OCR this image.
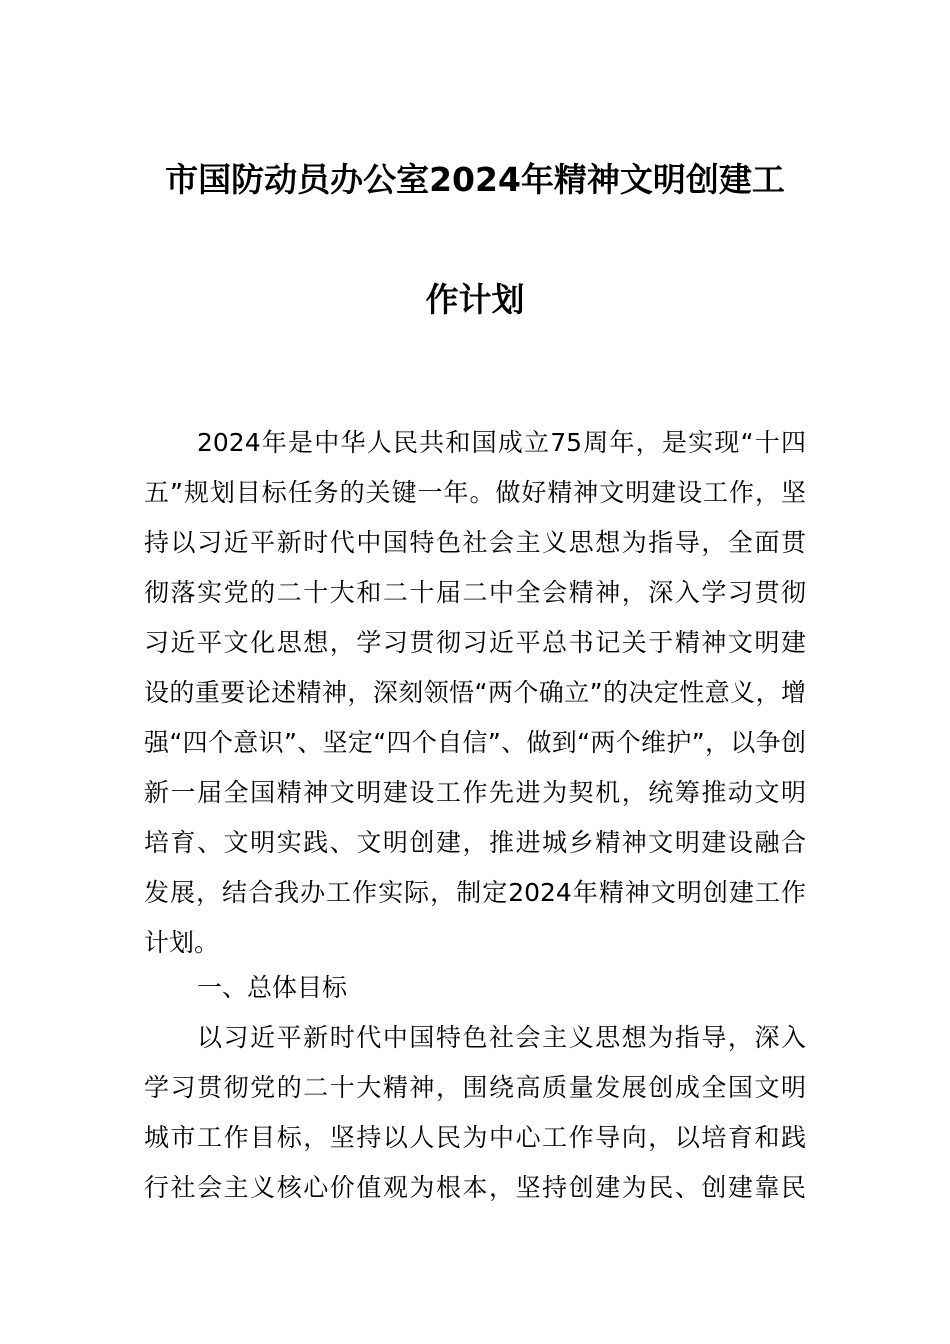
市国防动员办公室2024年精神文明创建工
作计划
2024年是中华人民共和国成立75周年，是实现“十四
五”规划目标任务的关键一年。做好精神文明建设工作，坚
持以习近平新时代中国特色社会主义思想为指导，全面贯
彻落实党的二十大和二十届二中全会精神，深入学习贯彻
习近平文化思想，学习贯彻习近平总书记关于精神文明建
设的重要论述精神，深刻领悟“两个确立”的决定性意义，增
强“四个意识”、坚定“四个自信”、做到“两个维护”，以争创
新一届全国精神文明建设工作先进为契机，统筹推动文明
培育、文明实践、文明创建，推进城乡精神文明建设融合
发展，结合我办工作实际，制定2024年精神文明创建工作
计划。
一、总体目标
以习近平新时代中国特色社会主义思想为指导，深入
学习贯彻党的二十大精神，围绕高质量发展创成全国文明
城市工作目标，坚持以人民为中心工作导向，以培育和践
行社会主义核心价值观为根本，坚持创建为民、创建靠民
